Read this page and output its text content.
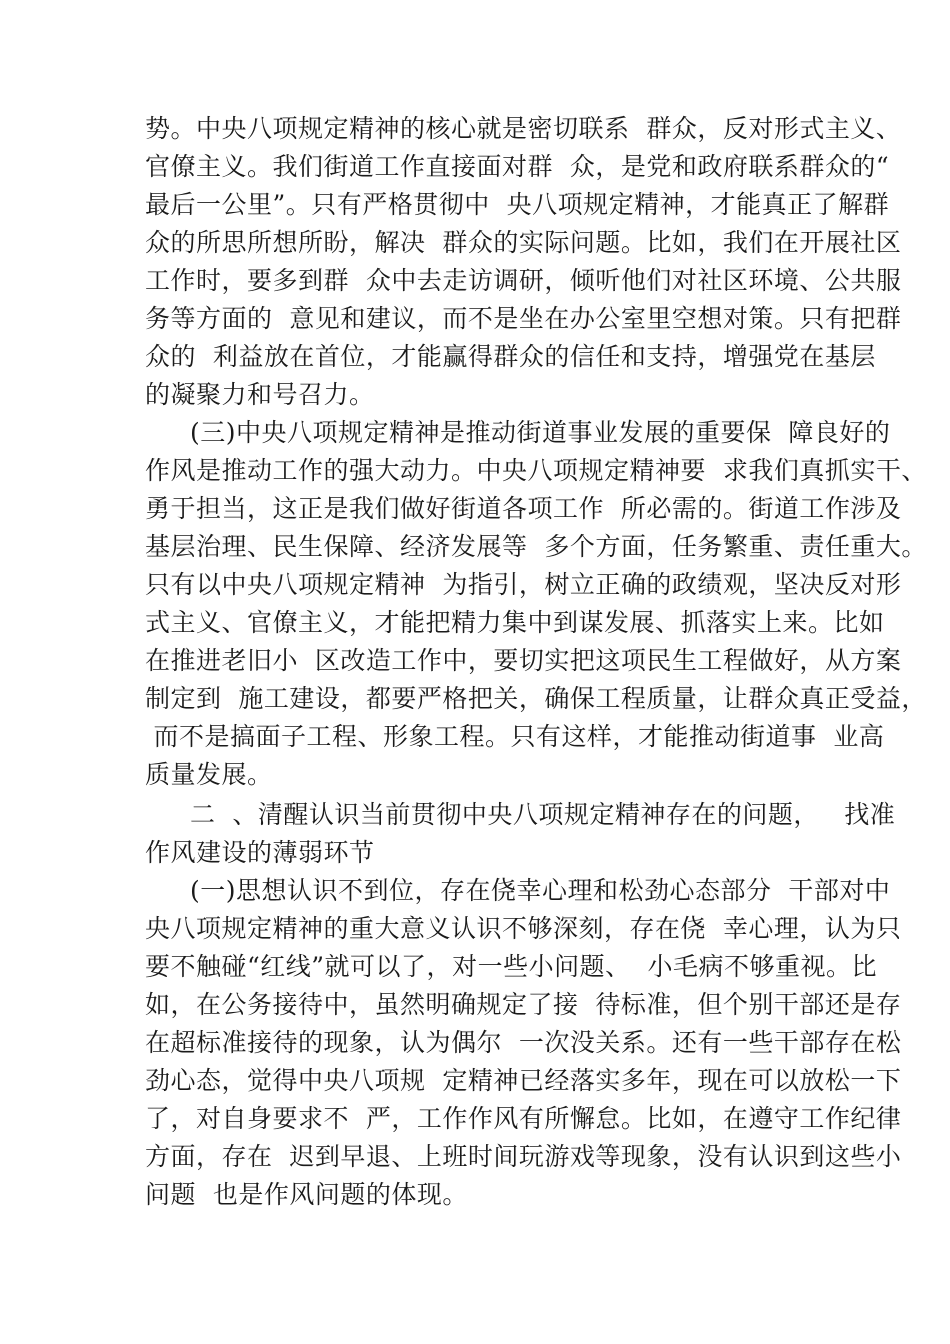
势。中央八项规定精神的核心就是密切联系  群众，反对形式主义、
官僚主义。我们街道工作直接面对群  众，是党和政府联系群众的“
最后一公里”。只有严格贯彻中  央八项规定精神，才能真正了解群
众的所思所想所盼，解决  群众的实际问题。比如，我们在开展社区
工作时，要多到群  众中去走访调研，倾听他们对社区环境、公共服
务等方面的  意见和建议，而不是坐在办公室里空想对策。只有把群
众的  利益放在首位，才能赢得群众的信任和支持，增强党在基层
的凝聚力和号召力。
(三)中央八项规定精神是推动街道事业发展的重要保  障良好的
作风是推动工作的强大动力。中央八项规定精神要  求我们真抓实干、
勇于担当，这正是我们做好街道各项工作  所必需的。街道工作涉及
基层治理、民生保障、经济发展等  多个方面，任务繁重、责任重大。
只有以中央八项规定精神  为指引，树立正确的政绩观，坚决反对形
式主义、官僚主义，才能把精力集中到谋发展、抓落实上来。比如
在推进老旧小  区改造工作中，要切实把这项民生工程做好，从方案
制定到  施工建设，都要严格把关，确保工程质量，让群众真正受益，
而不是搞面子工程、形象工程。只有这样，才能推动街道事  业高
质量发展。
二  、清醒认识当前贯彻中央八项规定精神存在的问题，   找准
作风建设的薄弱环节
(一)思想认识不到位，存在侥幸心理和松劲心态部分  干部对中
央八项规定精神的重大意义认识不够深刻，存在侥  幸心理，认为只
要不触碰“红线”就可以了，对一些小问题、  小毛病不够重视。比
如，在公务接待中，虽然明确规定了接  待标准，但个别干部还是存
在超标准接待的现象，认为偶尔  一次没关系。还有一些干部存在松
劲心态，觉得中央八项规  定精神已经落实多年，现在可以放松一下
了，对自身要求不  严，工作作风有所懈怠。比如，在遵守工作纪律
方面，存在  迟到早退、上班时间玩游戏等现象，没有认识到这些小
问题  也是作风问题的体现。
